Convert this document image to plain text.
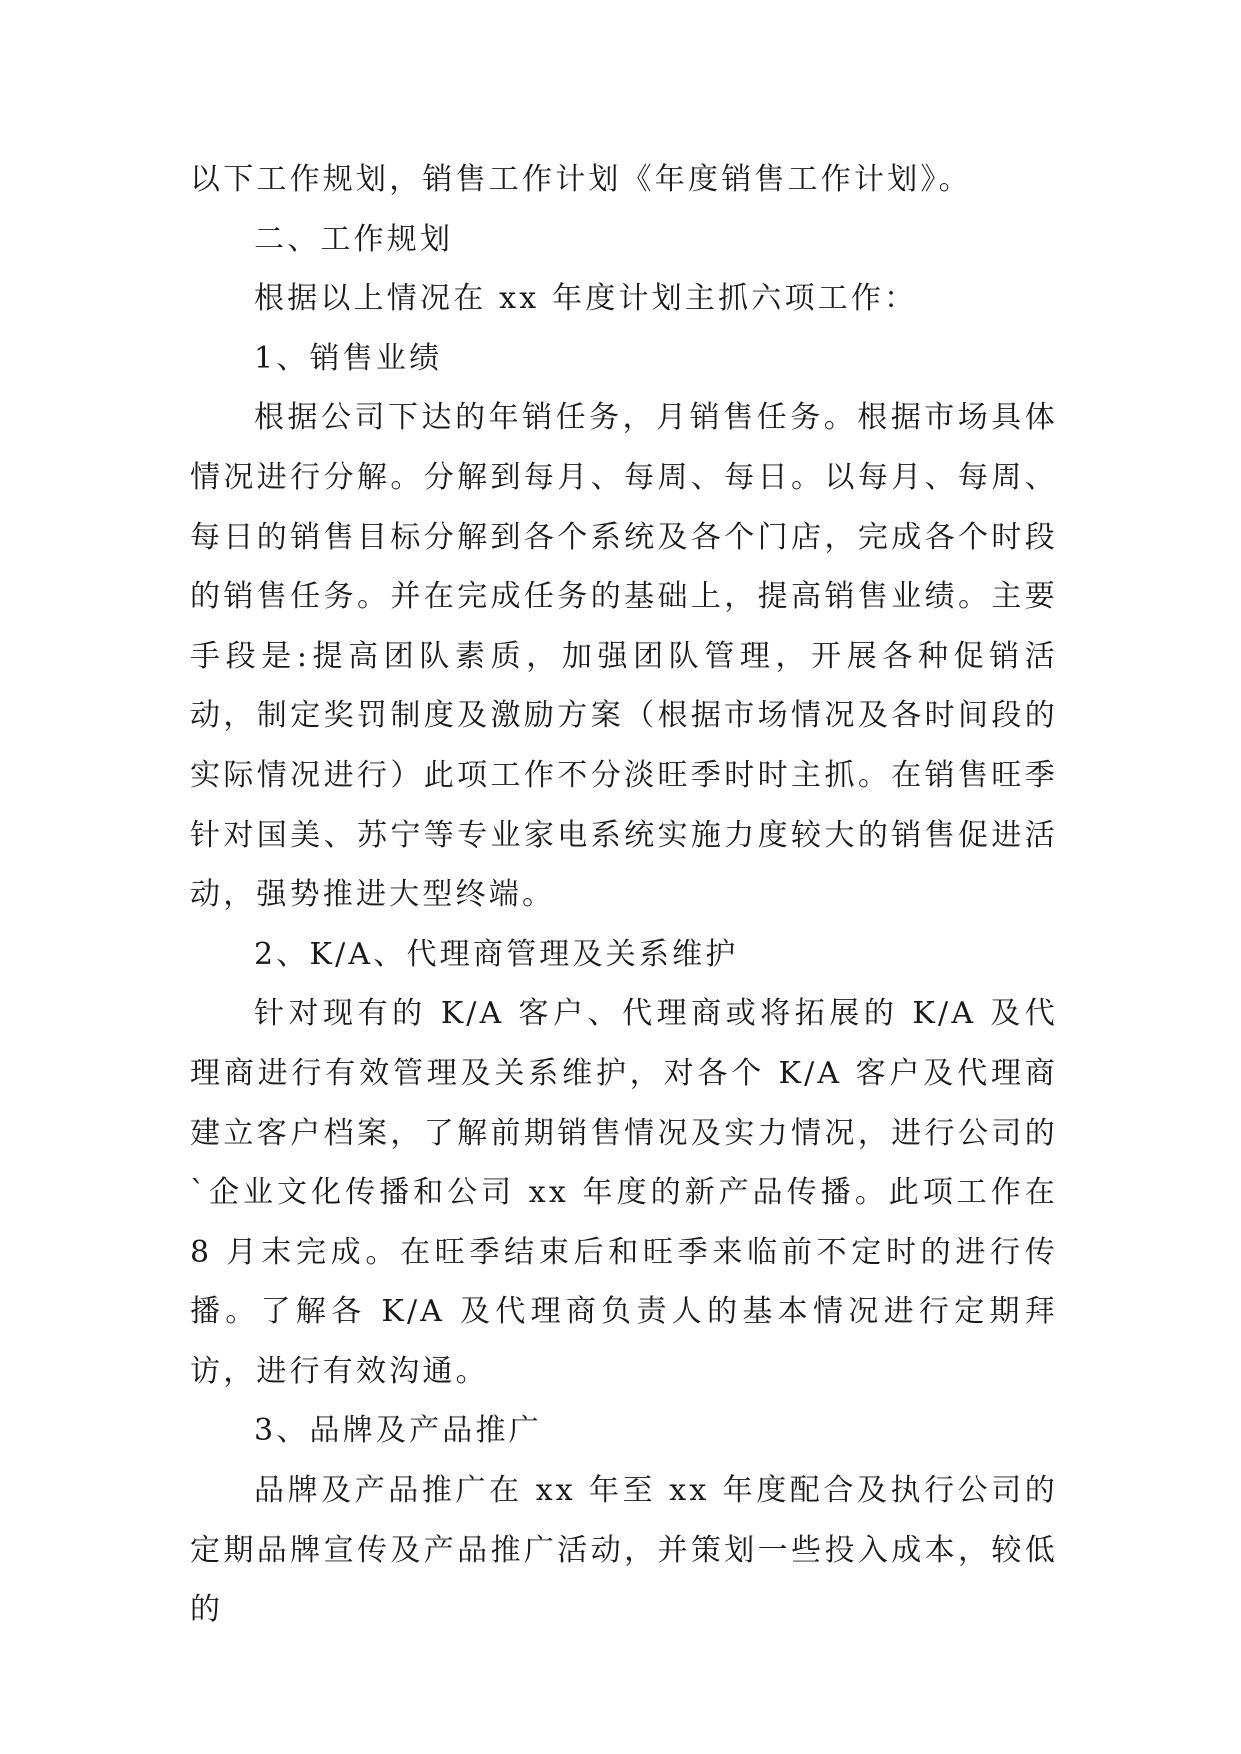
以下工作规划，销售工作计划《年度销售工作计划》。

二、工作规划

根据以上情况在 xx 年度计划主抓六项工作：

1、销售业绩

根据公司下达的年销任务，月销售任务。根据市场具体情况进行分解。分解到每月、每周、每日。以每月、每周、每日的销售目标分解到各个系统及各个门店，完成各个时段的销售任务。并在完成任务的基础上，提高销售业绩。主要手段是:提高团队素质，加强团队管理，开展各种促销活动，制定奖罚制度及激励方案（根据市场情况及各时间段的实际情况进行）此项工作不分淡旺季时时主抓。在销售旺季针对国美、苏宁等专业家电系统实施力度较大的销售促进活动，强势推进大型终端。

2、K/A、代理商管理及关系维护

针对现有的 K/A 客户、代理商或将拓展的 K/A 及代理商进行有效管理及关系维护，对各个 K/A 客户及代理商建立客户档案，了解前期销售情况及实力情况，进行公司的`企业文化传播和公司 xx 年度的新产品传播。此项工作在 8 月末完成。在旺季结束后和旺季来临前不定时的进行传播。了解各 K/A 及代理商负责人的基本情况进行定期拜访，进行有效沟通。

3、品牌及产品推广

品牌及产品推广在 xx 年至 xx 年度配合及执行公司的定期品牌宣传及产品推广活动，并策划一些投入成本，较低的
